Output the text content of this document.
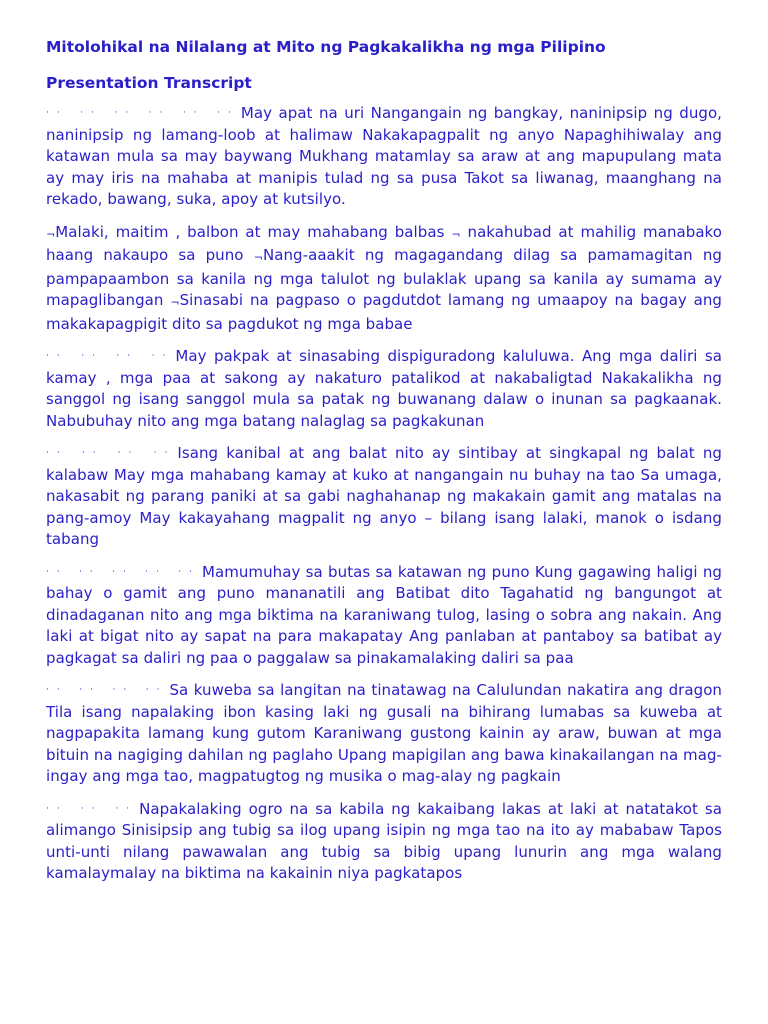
Mitolohikal na Nilalang at Mito ng Pagkakalikha ng mga Pilipino
Presentation Transcript

‧‧ ‧‧ ‧‧ ‧‧ ‧‧ ‧‧ May apat na uri Nangangain ng bangkay, naninipsip ng dugo, naninipsip ng lamang-loob at halimaw Nakakapagpalit ng anyo Napaghihiwalay ang katawan mula sa may baywang Mukhang matamlay sa araw at ang mapupulang mata ay may iris na mahaba at manipis tulad ng sa pusa Takot sa liwanag, maanghang na rekado, bawang, suka, apoy at kutsilyo.

¬Malaki, maitim , balbon at may mahabang balbas ¬ nakahubad at mahilig manabako haang nakaupo sa puno ¬Nang-aaakit ng magagandang dilag sa pamamagitan ng pampapaambon sa kanila ng mga talulot ng bulaklak upang sa kanila ay sumama ay mapaglibangan ¬Sinasabi na pagpaso o pagdutdot lamang ng umaapoy na bagay ang makakapagpigit dito sa pagdukot ng mga babae

‧‧ ‧‧ ‧‧ ‧‧ May pakpak at sinasabing dispiguradong kaluluwa. Ang mga daliri sa kamay , mga paa at sakong ay nakaturo patalikod at nakabaligtad Nakakalikha ng sanggol ng isang sanggol mula sa patak ng buwanang dalaw o inunan sa pagkaanak. Nabubuhay nito ang mga batang nalaglag sa pagkakunan

‧‧ ‧‧ ‧‧ ‧‧ Isang kanibal at ang balat nito ay sintibay at singkapal ng balat ng kalabaw May mga mahabang kamay at kuko at nangangain nu buhay na tao Sa umaga, nakasabit ng parang paniki at sa gabi naghahanap ng makakain gamit ang matalas na pang-amoy May kakayahang magpalit ng anyo – bilang isang lalaki, manok o isdang tabang

‧‧ ‧‧ ‧‧ ‧‧ ‧‧ Mamumuhay sa butas sa katawan ng puno Kung gagawing haligi ng bahay o gamit ang puno mananatili ang Batibat dito Tagahatid ng bangungot at dinadaganan nito ang mga biktima na karaniwang tulog, lasing o sobra ang nakain. Ang laki at bigat nito ay sapat na para makapatay Ang panlaban at pantaboy sa batibat ay pagkagat sa daliri ng paa o paggalaw sa pinakamalaking daliri sa paa

‧‧ ‧‧ ‧‧ ‧‧ Sa kuweba sa langitan na tinatawag na Calulundan nakatira ang dragon Tila isang napalaking ibon kasing laki ng gusali na bihirang lumabas sa kuweba at nagpapakita lamang kung gutom Karaniwang gustong kainin ay araw, buwan at mga bituin na nagiging dahilan ng paglaho Upang mapigilan ang bawa kinakailangan na mag-ingay ang mga tao, magpatugtog ng musika o mag-alay ng pagkain

‧‧ ‧‧ ‧‧ Napakalaking ogro na sa kabila ng kakaibang lakas at laki at natatakot sa alimango Sinisipsip ang tubig sa ilog upang isipin ng mga tao na ito ay mababaw Tapos unti-unti nilang pawawalan ang tubig sa bibig upang lunurin ang mga walang kamalaymalay na biktima na kakainin niya pagkatapos
